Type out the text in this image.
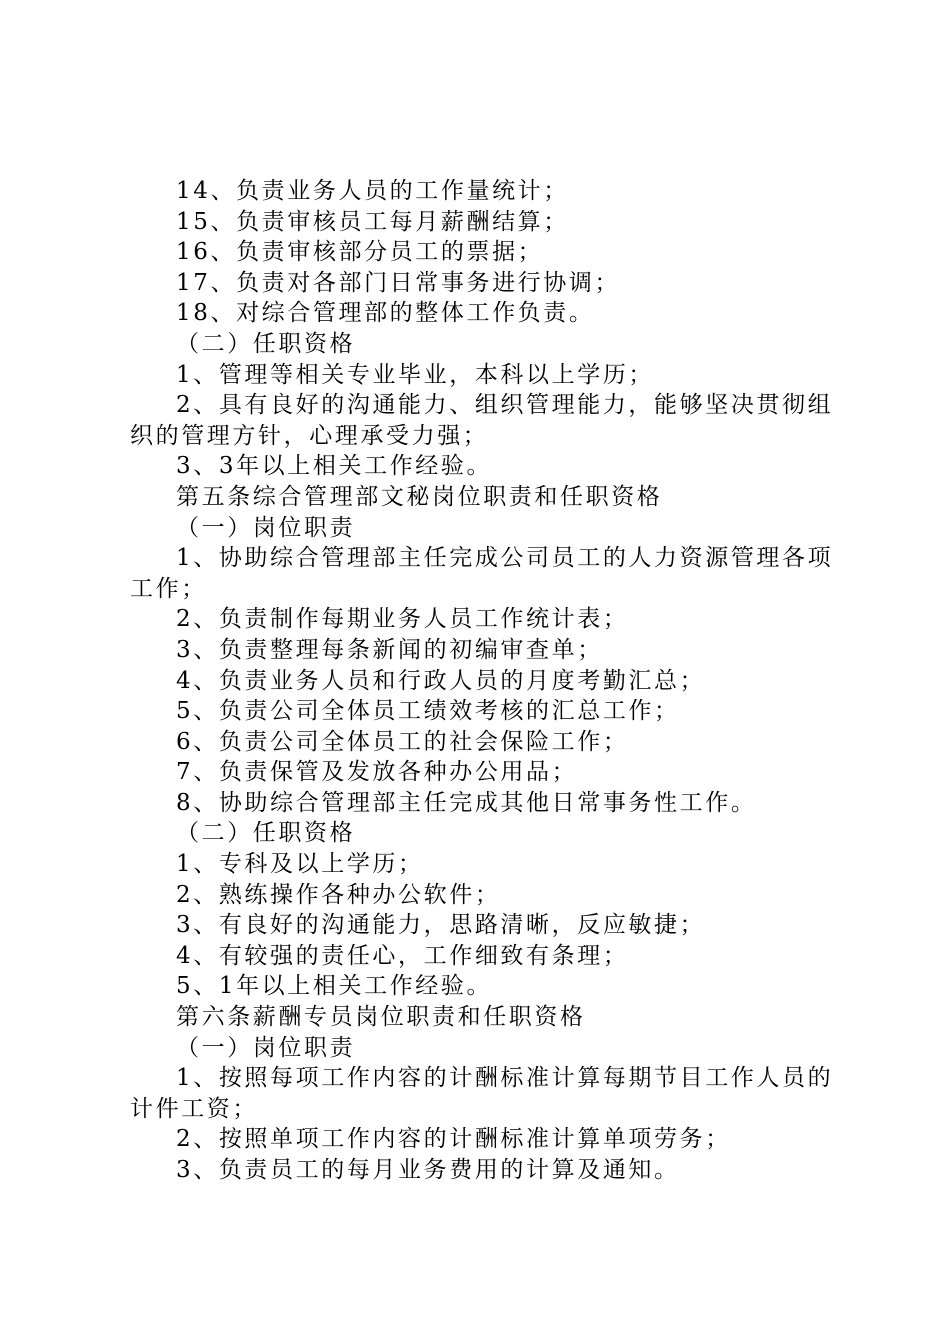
14、负责业务人员的工作量统计；

15、负责审核员工每月薪酬结算；

16、负责审核部分员工的票据；

17、负责对各部门日常事务进行协调；

18、对综合管理部的整体工作负责。

（二）任职资格

1、管理等相关专业毕业，本科以上学历；

2、具有良好的沟通能力、组织管理能力，能够坚决贯彻组织的管理方针，心理承受力强；

3、3年以上相关工作经验。

第五条综合管理部文秘岗位职责和任职资格

（一）岗位职责

1、协助综合管理部主任完成公司员工的人力资源管理各项工作；

2、负责制作每期业务人员工作统计表；

3、负责整理每条新闻的初编审查单；

4、负责业务人员和行政人员的月度考勤汇总；

5、负责公司全体员工绩效考核的汇总工作；

6、负责公司全体员工的社会保险工作；

7、负责保管及发放各种办公用品；

8、协助综合管理部主任完成其他日常事务性工作。

（二）任职资格

1、专科及以上学历；

2、熟练操作各种办公软件；

3、有良好的沟通能力，思路清晰，反应敏捷；

4、有较强的责任心，工作细致有条理；

5、1年以上相关工作经验。

第六条薪酬专员岗位职责和任职资格

（一）岗位职责

1、按照每项工作内容的计酬标准计算每期节目工作人员的计件工资；

2、按照单项工作内容的计酬标准计算单项劳务；

3、负责员工的每月业务费用的计算及通知。
